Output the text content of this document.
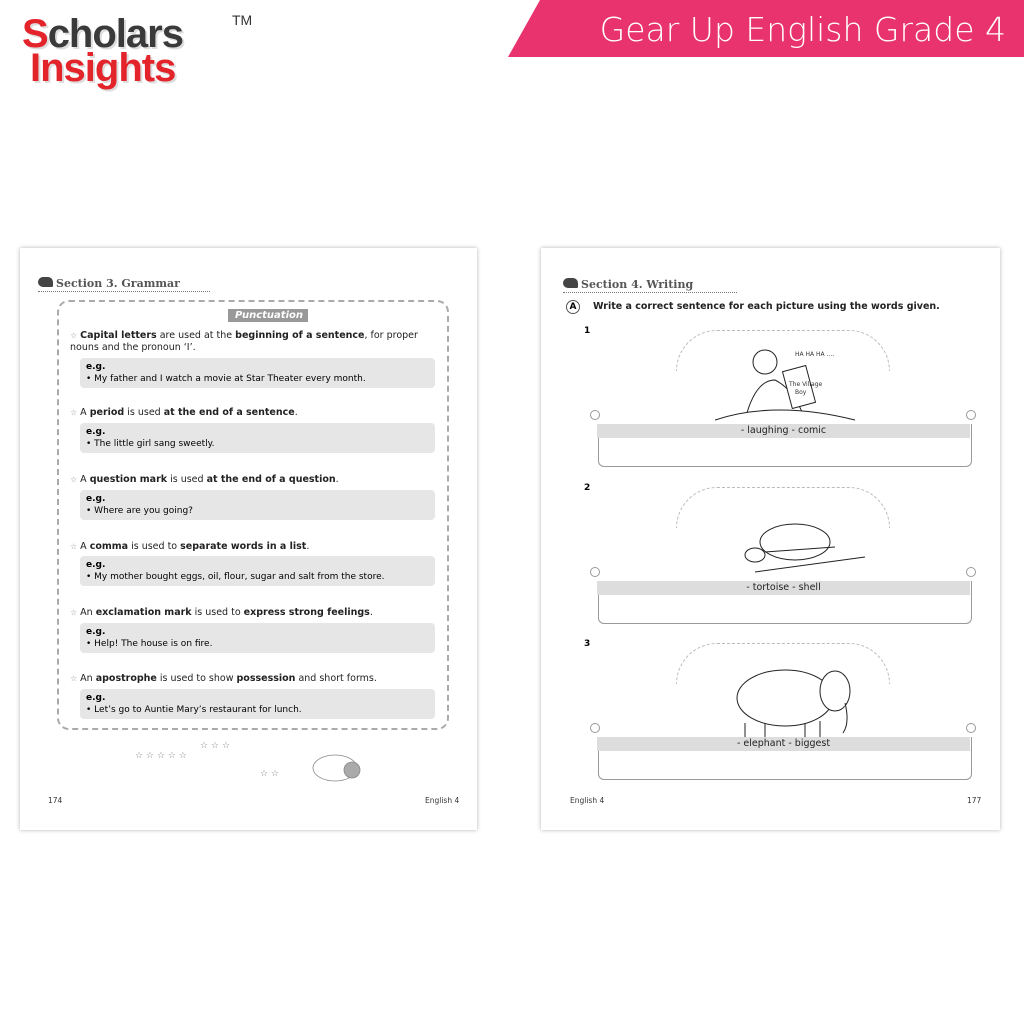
Scholars
Insights
TM	Gear Up English Grade 4
Section 3. Grammar
Punctuation
☆ Capital letters are used at the beginning of a sentence, for proper nouns and the pronoun ‘I’.
e.g.
• My father and I watch a movie at Star Theater every month.
☆ A period is used at the end of a sentence.
e.g.
• The little girl sang sweetly.
☆ A question mark is used at the end of a question.
e.g.
• Where are you going?
☆ A comma is used to separate words in a list.
e.g.
• My mother bought eggs, oil, flour, sugar and salt from the store.
☆ An exclamation mark is used to express strong feelings.
e.g.
• Help! The house is on fire.
☆ An apostrophe is used to show possession and short forms.
e.g.
• Let’s go to Auntie Mary’s restaurant for lunch.
☆ ☆ ☆ ☆ ☆
☆ ☆ ☆
☆ ☆
174	English 4
Section 4. Writing
A	Write a correct sentence for each picture using the words given.
1
The Village
Boy
HA HA HA ....
- laughing - comic
2
- tortoise - shell
3
- elephant - biggest
English 4	177
